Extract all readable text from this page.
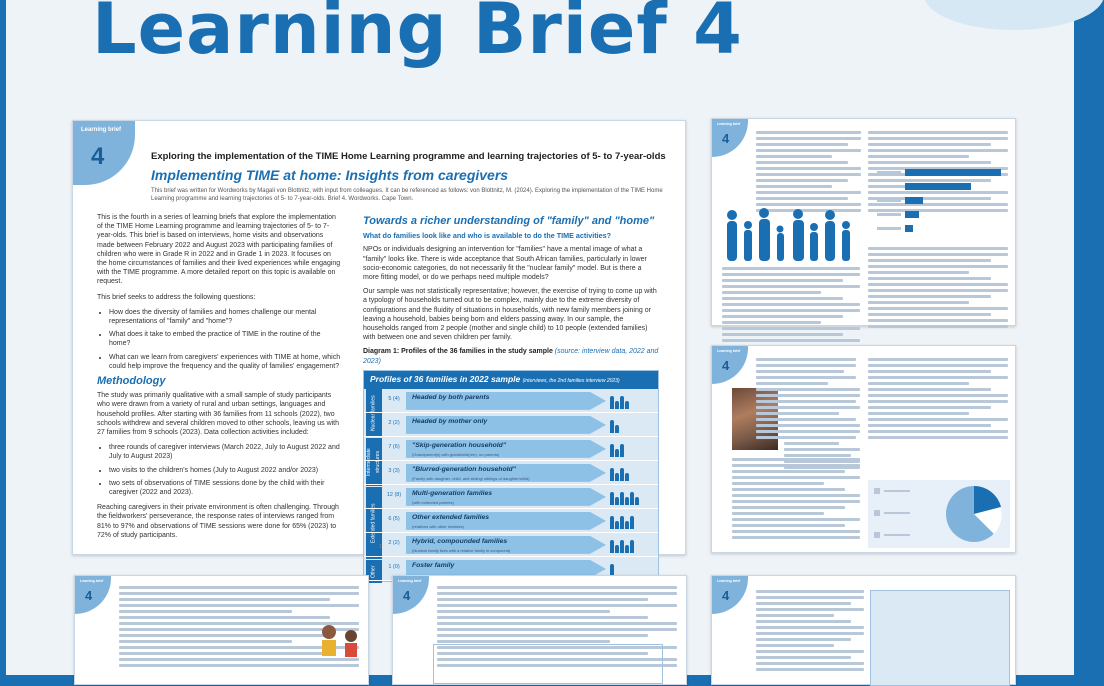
Learning Brief 4
Learning brief
4	Exploring the implementation of the TIME Home Learning programme and learning trajectories of 5- to 7-year-olds
Implementing TIME at home: Insights from caregivers
This brief was written for Wordworks by Magali von Blottnitz, with input from colleagues. It can be referenced as follows: von Blottnitz, M. (2024). Exploring the implementation of the TIME Home Learning programme and learning trajectories of 5- to 7-year-olds. Brief 4. Wordworks. Cape Town.

This is the fourth in a series of learning briefs that explore the implementation of the TIME Home Learning programme and learning trajectories of 5- to 7-year-olds. This brief is based on interviews, home visits and observations made between February 2022 and August 2023 with participating families of children who were in Grade R in 2022 and in Grade 1 in 2023. It focuses on the home circumstances of families and their lived experiences while engaging with the TIME programme. A more detailed report on this topic is available on request.

This brief seeks to address the following questions:

• How does the diversity of families and homes challenge our mental representations of "family" and "home"?
• What does it take to embed the practice of TIME in the routine of the home?
• What can we learn from caregivers' experiences with TIME at home, which could help improve the frequency and the quality of families' engagement?
Methodology

The study was primarily qualitative with a small sample of study participants who were drawn from a variety of rural and urban settings, languages and household profiles. After starting with 36 families from 11 schools (2022), two schools withdrew and several children moved to other schools, leaving us with 27 families from 9 schools (2023). Data collection activities included:

• three rounds of caregiver interviews (March 2022, July to August 2022 and July to August 2023)
• two visits to the children's homes (July to August 2022 and/or 2023)
• two sets of observations of TIME sessions done by the child with their caregiver (2022 and 2023).

Reaching caregivers in their private environment is often challenging. Through the fieldworkers' perseverance, the response rates of interviews ranged from 81% to 97% and observations of TIME sessions were done for 65% (2023) to 72% of study participants.

Towards a richer understanding of "family" and "home"
What do families look like and who is available to do the TIME activities?

NPOs or individuals designing an intervention for "families" have a mental image of what a "family" looks like. There is wide acceptance that South African families, particularly in lower socio-economic categories, do not necessarily fit the "nuclear family" model. But is there a more fitting model, or do we perhaps need multiple models?

Our sample was not statistically representative; however, the exercise of trying to come up with a typology of households turned out to be complex, mainly due to the extreme diversity of configurations and the fluidity of situations in households, with new family members joining or leaving a household, babies being born and elders passing away. In our sample, the households ranged from 2 people (mother and single child) to 10 people (extended families) with between one and seven children per family.

Diagram 1: Profiles of the 36 families in the study sample (source: interview data, 2022 and 2023)
Profiles of 36 families in 2022 sample (interviews, the 2nd families interview 2023)
Nuclear families
Intermediate structures
Extended families
Other
5 (4)	Headed by both parents
2 (2)	Headed by mother only
7 (6)	"Skip-generation household"
(Grandparent(s) with grandchild(ren), no parents)
3 (3)	"Blurred-generation household"
(Family with daughter, child, and sibling/ siblings of daughter/child)
12 (8) Multi-generation families
(with extended parents)
6 (5)	Other extended families
(relatives with other relatives)
2 (2)	Hybrid, compounded families
(Nuclear family lives with a relative family in compound)
1 (0)	Foster family
1
Learning brief
4
Learning brief
4
Learning brief
4
Learning brief
4
Learning brief
4
